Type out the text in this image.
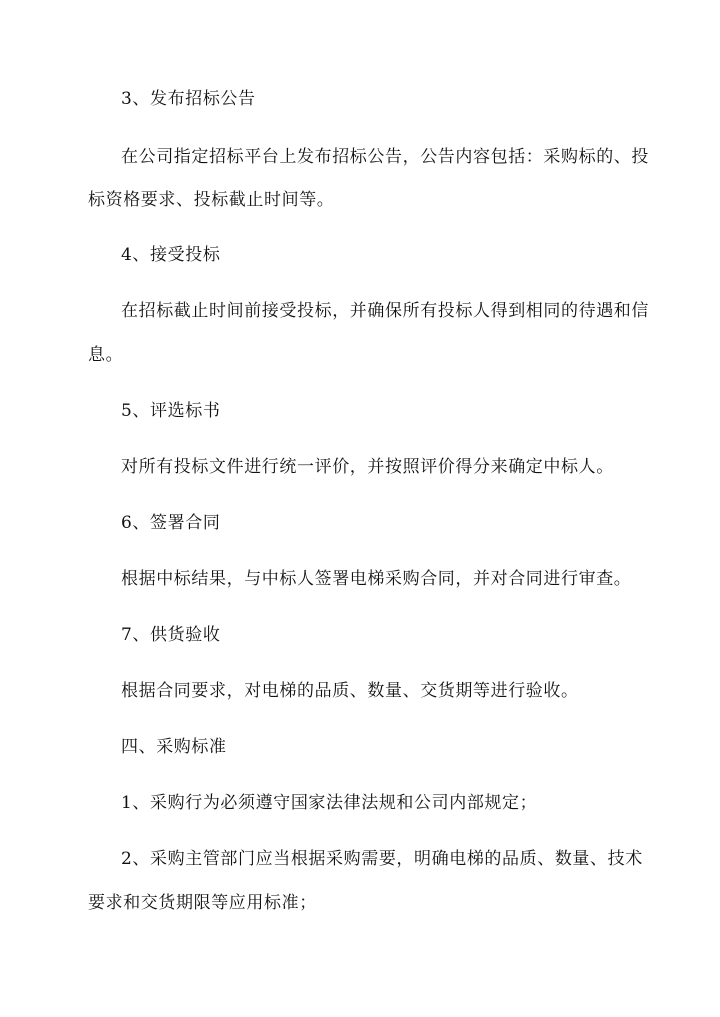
3、发布招标公告
在公司指定招标平台上发布招标公告，公告内容包括：采购标的、投
标资格要求、投标截止时间等。
4、接受投标
在招标截止时间前接受投标，并确保所有投标人得到相同的待遇和信
息。
5、评选标书
对所有投标文件进行统一评价，并按照评价得分来确定中标人。
6、签署合同
根据中标结果，与中标人签署电梯采购合同，并对合同进行审查。
7、供货验收
根据合同要求，对电梯的品质、数量、交货期等进行验收。
四、采购标准
1、采购行为必须遵守国家法律法规和公司内部规定；
2、采购主管部门应当根据采购需要，明确电梯的品质、数量、技术
要求和交货期限等应用标准；
